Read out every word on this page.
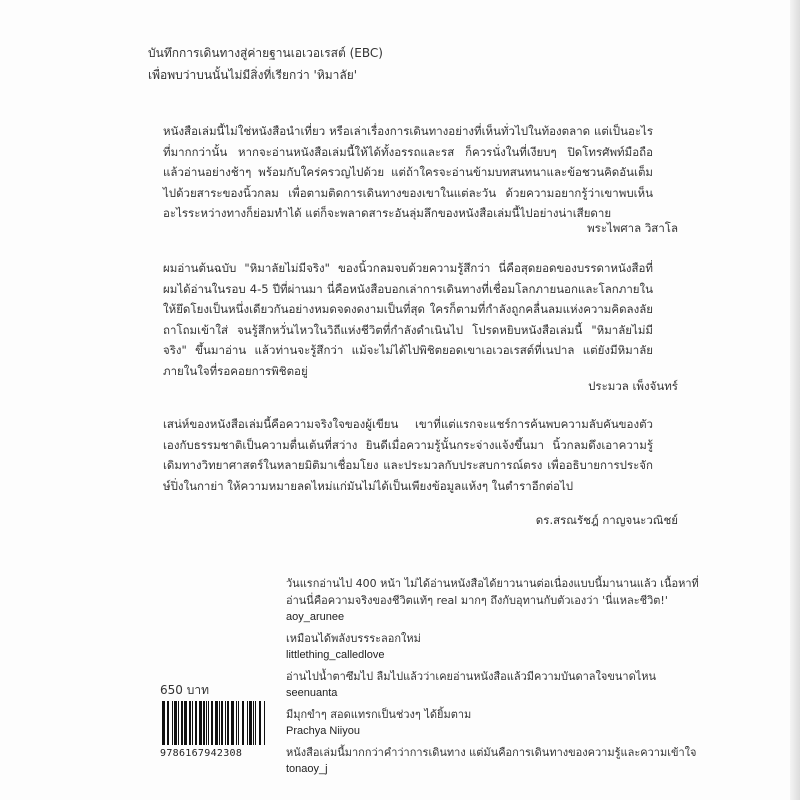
บันทึกการเดินทางสู่ค่ายฐานเอเวอเรสต์ (EBC)
เพื่อพบว่าบนนั้นไม่มีสิ่งที่เรียกว่า 'หิมาลัย'

หนังสือเล่มนี้ไม่ใช่หนังสือนำเที่ยว หรือเล่าเรื่องการเดินทางอย่างที่เห็นทั่วไปในท้องตลาด แต่เป็นอะไรที่มากกว่านั้น หากจะอ่านหนังสือเล่มนี้ให้ได้ทั้งอรรถและรส ก็ควรนั่งในที่เงียบๆ ปิดโทรศัพท์มือถือ แล้วอ่านอย่างช้าๆ พร้อมกับใคร่ครวญไปด้วย แต่ถ้าใครจะอ่านข้ามบทสนทนาและข้อชวนคิดอันเต็มไปด้วยสาระของนิ้วกลม เพื่อตามติดการเดินทางของเขาในแต่ละวัน ด้วยความอยากรู้ว่าเขาพบเห็นอะไรระหว่างทางก็ย่อมทำได้ แต่ก็จะพลาดสาระอันลุ่มลึกของหนังสือเล่มนี้ไปอย่างน่าเสียดาย

พระไพศาล วิสาโล

ผมอ่านต้นฉบับ "หิมาลัยไม่มีจริง" ของนิ้วกลมจบด้วยความรู้สึกว่า นี่คือสุดยอดของบรรดาหนังสือที่ผมได้อ่านในรอบ 4-5 ปีที่ผ่านมา นี่คือหนังสือบอกเล่าการเดินทางที่เชื่อมโลกภายนอกและโลกภายใน ให้ยึดโยงเป็นหนึ่งเดียวกันอย่างหมดจดงดงามเป็นที่สุด ใครก็ตามที่กำลังถูกคลื่นลมแห่งความคิดลงลัยถาโถมเข้าใส่ จนรู้สึกหวั่นไหวในวิถีแห่งชีวิตที่กำลังดำเนินไป โปรดหยิบหนังสือเล่มนี้ "หิมาลัยไม่มีจริง" ขึ้นมาอ่าน แล้วท่านจะรู้สึกว่า แม้จะไม่ได้ไปพิชิตยอดเขาเอเวอเรสต์ที่เนปาล แต่ยังมีหิมาลัยภายในใจที่รอคอยการพิชิตอยู่

ประมวล เพ็งจันทร์

เสน่ห์ของหนังสือเล่มนี้คือความจริงใจของผู้เขียน เขาที่แต่แรกจะแชร์การค้นพบความลับคันของตัวเองกับธรรมชาติเป็นความตื่นเต้นที่สว่าง ยินดีเมื่อความรู้นั้นกระจ่างแจ้งขึ้นมา นิ้วกลมดึงเอาความรู้เดิมทางวิทยาศาสตร์ในหลายมิติมาเชื่อมโยง และประมวลกับประสบการณ์ตรง เพื่ออธิบายการประจักษ์ปิ่งในกาย่า ให้ความหมายลดไหม่แก่มันไม่ได้เป็นเพียงข้อมูลแห้งๆ ในตำราอีกต่อไป

ดร.สรณรัชฎ์ กาญจนะวณิชย์
วันแรกอ่านไป 400 หน้า ไม่ได้อ่านหนังสือได้ยาวนานต่อเนื่องแบบนี้มานานแล้ว เนื้อหาที่อ่านนี่คือความจริงของชีวิตแท้ๆ real มากๆ ถึงกับอุทานกับตัวเองว่า 'นี่แหละชีวิต!'
aoy_arunee
เหมือนได้พลังบรรระลอกใหม่
littlething_calledlove
อ่านไปน้ำตาซึมไป ลืมไปแล้วว่าเคยอ่านหนังสือแล้วมีความบันดาลใจขนาดไหน
seenuanta
มีมุกขำๆ สอดแทรกเป็นช่วงๆ ได้ยิ้มตาม
Prachya Niiyou
หนังสือเล่มนี้มากกว่าคำว่าการเดินทาง แต่มันคือการเดินทางของความรู้และความเข้าใจ
tonaoy_j
650 บาท
9786167942308
